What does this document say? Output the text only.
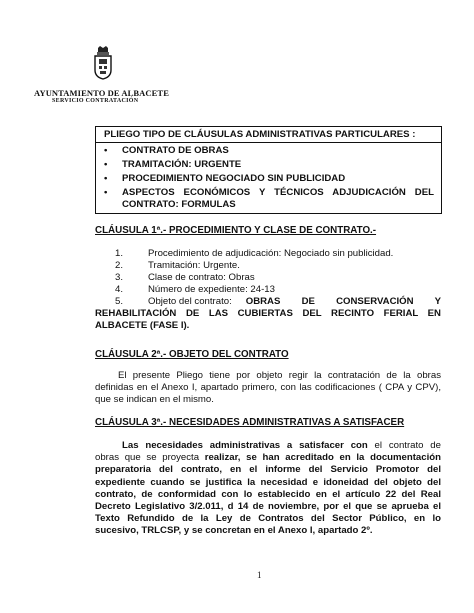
AYUNTAMIENTO DE ALBACETE
SERVICIO CONTRATACIÓN
PLIEGO TIPO DE CLÁUSULAS ADMINISTRATIVAS PARTICULARES :
• CONTRATO DE OBRAS
• TRAMITACIÓN: URGENTE
• PROCEDIMIENTO NEGOCIADO SIN PUBLICIDAD
•	ASPECTOS ECONÓMICOS Y TÉCNICOS ADJUDICACIÓN DEL
CONTRATO: FORMULAS
CLÁUSULA 1ª.- PROCEDIMIENTO Y CLASE DE CONTRATO.-
1.	Procedimiento de adjudicación: Negociado sin publicidad.
2.	Tramitación: Urgente.
3.	Clase de contrato: Obras
4.	Número de expediente: 24-13
5.	Objeto del contrato: OBRAS DE CONSERVACIÓN Y
REHABILITACIÓN DE LAS CUBIERTAS DEL RECINTO FERIAL EN
ALBACETE (FASE I).
CLÁUSULA 2ª.- OBJETO DEL CONTRATO
El presente Pliego tiene por objeto regir la contratación de la obras
definidas en el Anexo I, apartado primero, con las codificaciones ( CPA y CPV),
que se indican en el mismo.
CLÁUSULA 3ª.- NECESIDADES ADMINISTRATIVAS A SATISFACER
Las necesidades administrativas a satisfacer con el contrato de
obras que se proyecta realizar, se han acreditado en la documentación
preparatoria del contrato, en el informe del Servicio Promotor del
expediente cuando se justifica la necesidad e idoneidad del objeto del
contrato, de conformidad con lo establecido en el artículo 22 del Real
Decreto Legislativo 3/2.011, d 14 de noviembre, por el que se aprueba el
Texto Refundido de la Ley de Contratos del Sector Público, en lo
sucesivo, TRLCSP, y se concretan en el Anexo I, apartado 2º.
1
